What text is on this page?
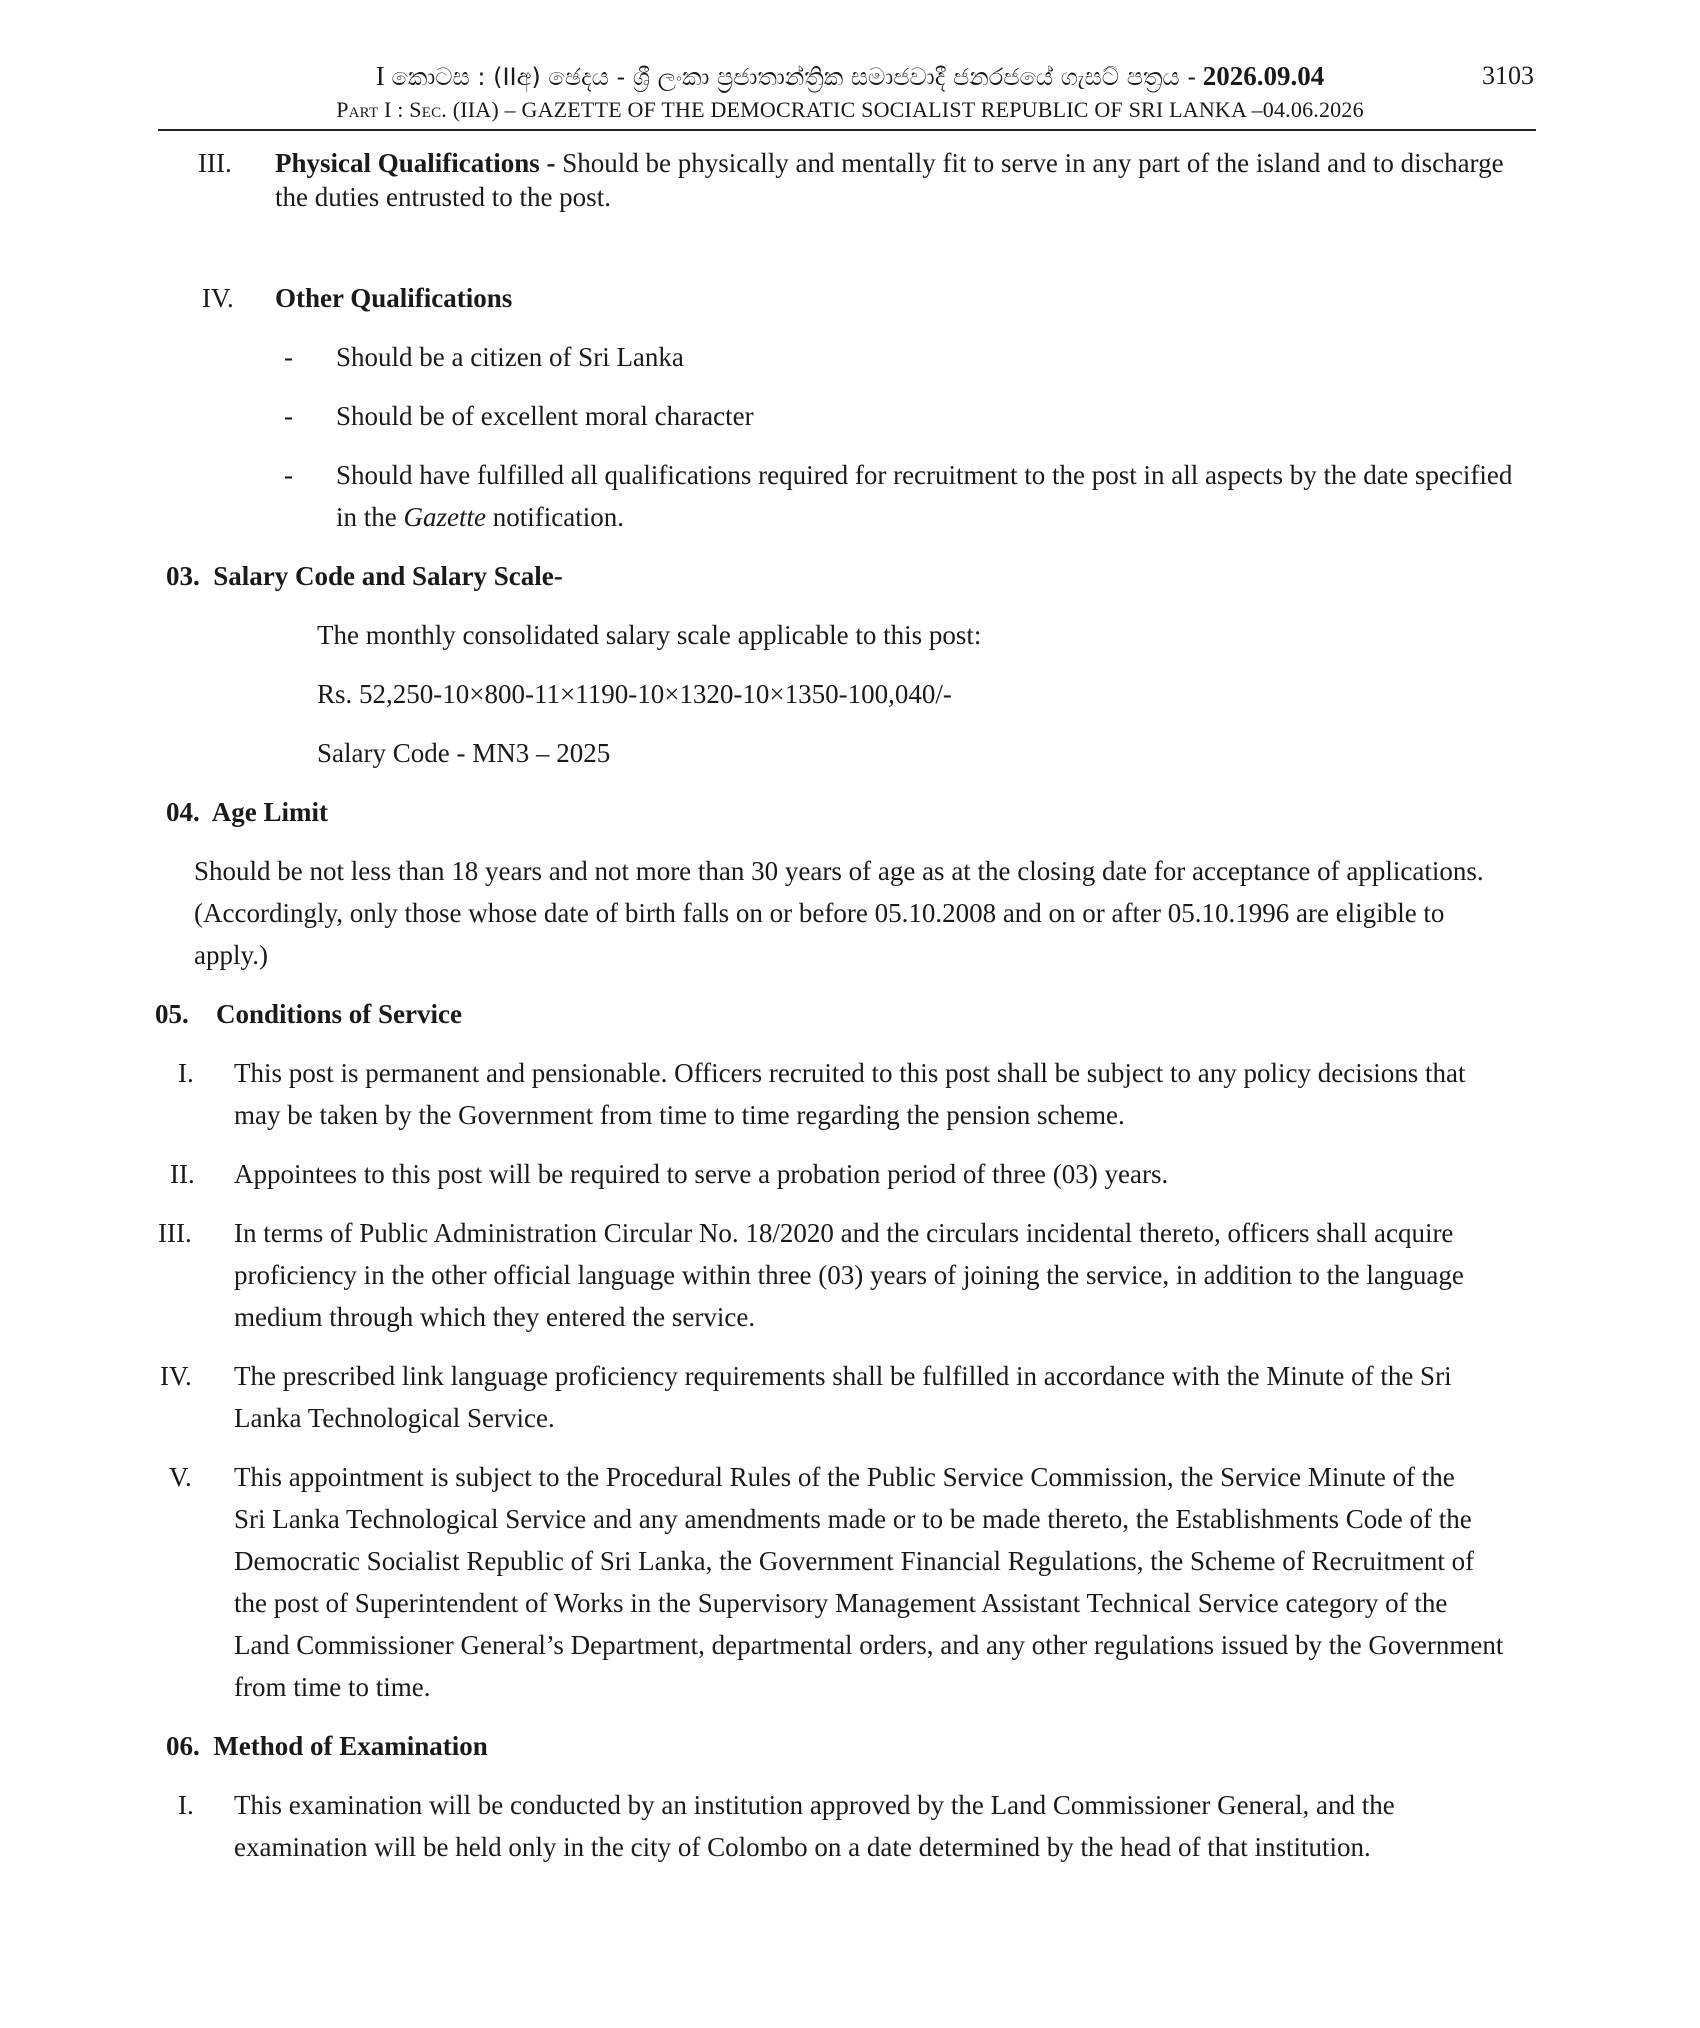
I කොටස : (IIඅ) ඡෙදය - ශ්‍රී ලංකා ප්‍රජාතාන්ත්‍රික සමාජවාදී ජනරජයේ ගැසට් පත්‍රය - 2026.09.04	3103
Part I : Sec. (IIA) – GAZETTE OF THE DEMOCRATIC SOCIALIST REPUBLIC OF SRI LANKA –04.06.2026
III. Physical Qualifications - Should be physically and mentally fit to serve in any part of the island and to discharge
the duties entrusted to the post.
IV. Other Qualifications
- Should be a citizen of Sri Lanka
- Should be of excellent moral character
- Should have fulfilled all qualifications required for recruitment to the post in all aspects by the date specified
in the Gazette notification.
03.  Salary Code and Salary Scale-
The monthly consolidated salary scale applicable to this post:
Rs. 52,250-10×800-11×1190-10×1320-10×1350-100,040/-
Salary Code - MN3 – 2025
04.  Age Limit
Should be not less than 18 years and not more than 30 years of age as at the closing date for acceptance of applications.
(Accordingly, only those whose date of birth falls on or before 05.10.2008 and on or after 05.10.1996 are eligible to
apply.)
05. Conditions of Service
I. This post is permanent and pensionable. Officers recruited to this post shall be subject to any policy decisions that
may be taken by the Government from time to time regarding the pension scheme.
II. Appointees to this post will be required to serve a probation period of three (03) years.
III. In terms of Public Administration Circular No. 18/2020 and the circulars incidental thereto, officers shall acquire
proficiency in the other official language within three (03) years of joining the service, in addition to the language
medium through which they entered the service.
IV. The prescribed link language proficiency requirements shall be fulfilled in accordance with the Minute of the Sri
Lanka Technological Service.
V. This appointment is subject to the Procedural Rules of the Public Service Commission, the Service Minute of the
Sri Lanka Technological Service and any amendments made or to be made thereto, the Establishments Code of the
Democratic Socialist Republic of Sri Lanka, the Government Financial Regulations, the Scheme of Recruitment of
the post of Superintendent of Works in the Supervisory Management Assistant Technical Service category of the
Land Commissioner General’s Department, departmental orders, and any other regulations issued by the Government
from time to time.
06.  Method of Examination
I. This examination will be conducted by an institution approved by the Land Commissioner General, and the
examination will be held only in the city of Colombo on a date determined by the head of that institution.
